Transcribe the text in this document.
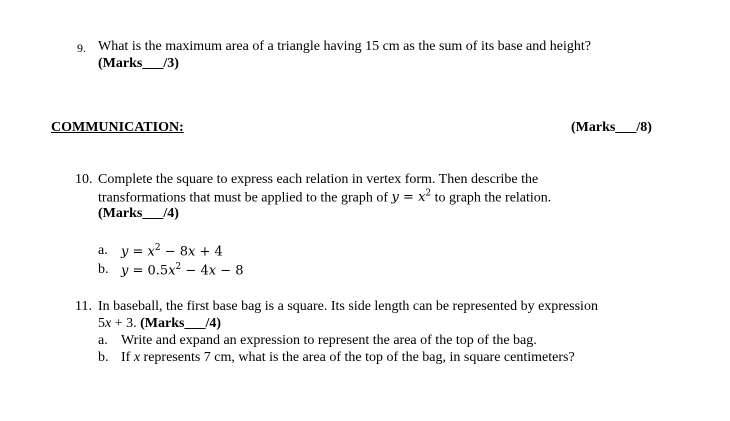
9. What is the maximum area of a triangle having 15 cm as the sum of its base and height?
(Marks___/3)
COMMUNICATION:	(Marks___/8)
10. Complete the square to express each relation in vertex form. Then describe the
transformations that must be applied to the graph of $y = x^2$ to graph the relation.
(Marks___/4)
a. $y = x^2 - 8x + 4$
b. $y = 0.5x^2 - 4x - 8$
11. In baseball, the first base bag is a square. Its side length can be represented by expression
5x + 3. (Marks___/4)
a. Write and expand an expression to represent the area of the top of the bag.
b. If x represents 7 cm, what is the area of the top of the bag, in square centimeters?
